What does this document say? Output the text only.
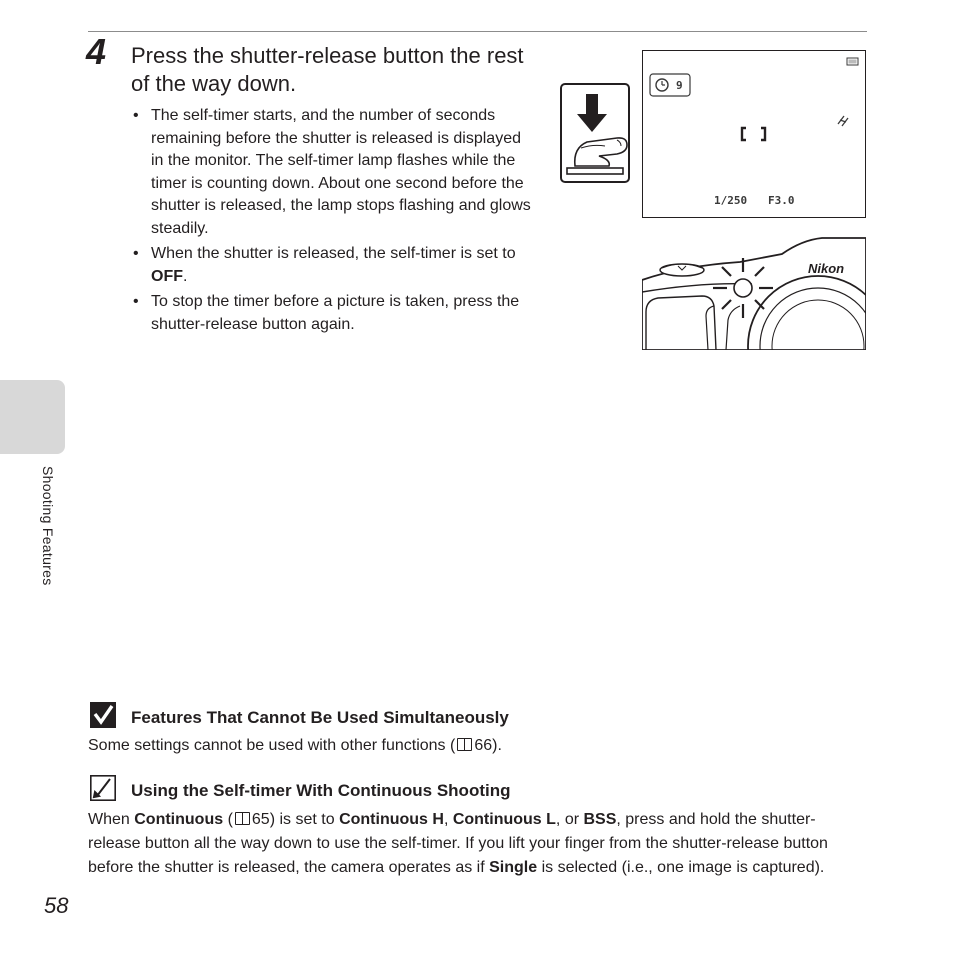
4 Press the shutter-release button the rest of the way down.
• The self-timer starts, and the number of seconds remaining before the shutter is released is displayed in the monitor. The self-timer lamp flashes while the timer is counting down. About one second before the shutter is released, the lamp stops flashing and glows steadily.
• When the shutter is released, the self-timer is set to OFF.
• To stop the timer before a picture is taken, press the shutter-release button again.
9
1/250 F3.0
Nikon
Shooting Features
Features That Cannot Be Used Simultaneously
Some settings cannot be used with other functions ( 66).
Using the Self-timer With Continuous Shooting
When Continuous ( 65) is set to Continuous H, Continuous L, or BSS, press and hold the shutter-release button all the way down to use the self-timer. If you lift your finger from the shutter-release button before the shutter is released, the camera operates as if Single is selected (i.e., one image is captured).
58
